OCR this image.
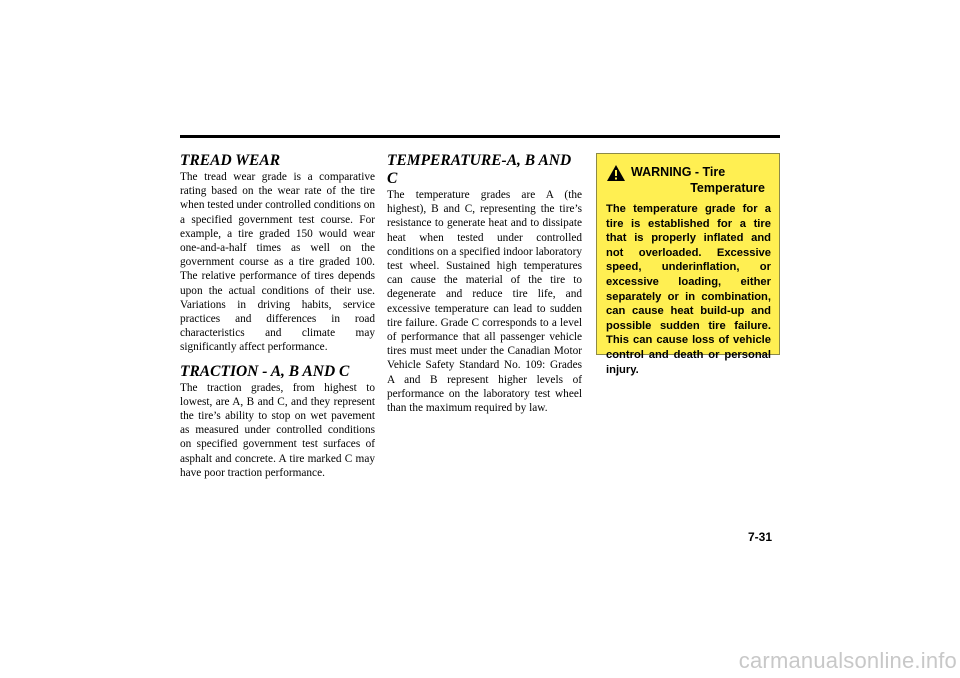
TREAD WEAR

The tread wear grade is a comparative rating based on the wear rate of the tire when tested under controlled conditions on a specified government test course. For example, a tire graded 150 would wear one-and-a-half times as well on the government course as a tire graded 100. The relative performance of tires depends upon the actual conditions of their use. Variations in driving habits, service practices and differences in road characteristics and climate may significantly affect performance.

TRACTION - A, B AND C

The traction grades, from highest to lowest, are A, B and C, and they represent the tire’s ability to stop on wet pavement as measured under controlled conditions on specified government test surfaces of asphalt and concrete. A tire marked C may have poor traction performance.

TEMPERATURE-A, B AND C

The temperature grades are A (the highest), B and C, representing the tire’s resistance to generate heat and to dissipate heat when tested under controlled conditions on a specified indoor laboratory test wheel. Sustained high temperatures can cause the material of the tire to degenerate and reduce tire life, and excessive temperature can lead to sudden tire failure. Grade C corresponds to a level of performance that all passenger vehicle tires must meet under the Canadian Motor Vehicle Safety Standard No. 109: Grades A and B represent higher levels of performance on the laboratory test wheel than the maximum required by law.

WARNING - Tire
Temperature

The temperature grade for a tire is established for a tire that is properly inflated and not overloaded. Excessive speed, underinflation, or excessive loading, either separately or in combination, can cause heat build-up and possible sudden tire failure. This can cause loss of vehicle control and death or personal injury.

7-31
carmanualsonline.info
